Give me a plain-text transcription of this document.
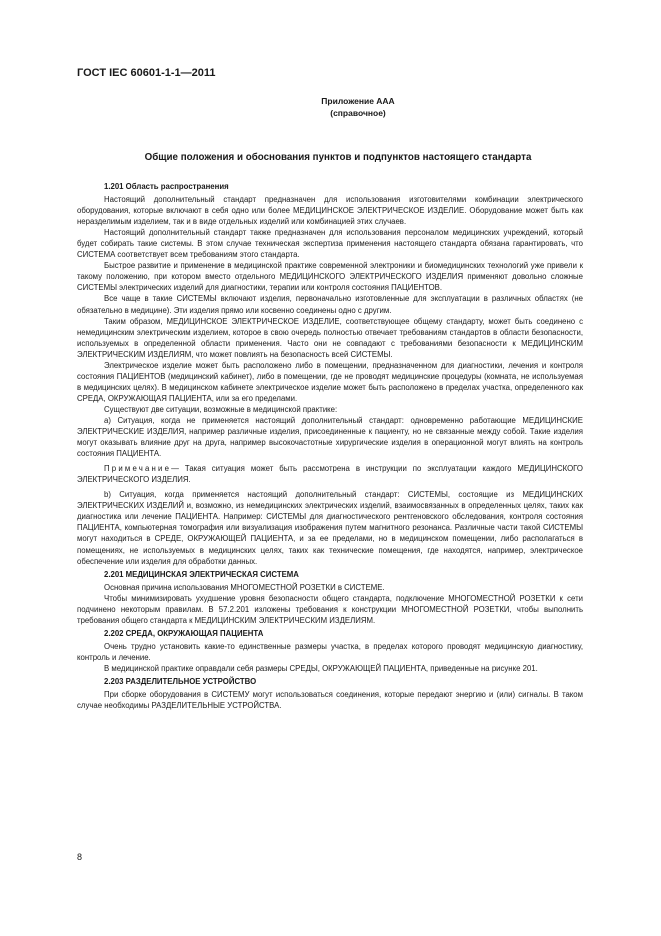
ГОСТ IEC 60601-1-1—2011
Приложение ААА
(справочное)
Общие положения и обоснования пунктов и подпунктов настоящего стандарта
1.201 Область распространения

Настоящий дополнительный стандарт предназначен для использования изготовителями комбинации электрического оборудования, которые включают в себя одно или более МЕДИЦИНСКОЕ ЭЛЕКТРИЧЕСКОЕ ИЗДЕЛИЕ. Оборудование может быть как неразделимым изделием, так и в виде отдельных изделий или комбинацией этих случаев.

Настоящий дополнительный стандарт также предназначен для использования персоналом медицинских учреждений, который будет собирать такие системы. В этом случае техническая экспертиза применения настоящего стандарта обязана гарантировать, что СИСТЕМА соответствует всем требованиям этого стандарта.

Быстрое развитие и применение в медицинской практике современной электроники и биомедицинских технологий уже привели к такому положению, при котором вместо отдельного МЕДИЦИНСКОГО ЭЛЕКТРИЧЕСКОГО ИЗДЕЛИЯ применяют довольно сложные СИСТЕМЫ электрических изделий для диагностики, терапии или контроля состояния ПАЦИЕНТОВ.

Все чаще в такие СИСТЕМЫ включают изделия, первоначально изготовленные для эксплуатации в различных областях (не обязательно в медицине). Эти изделия прямо или косвенно соединены одно с другим.

Таким образом, МЕДИЦИНСКОЕ ЭЛЕКТРИЧЕСКОЕ ИЗДЕЛИЕ, соответствующее общему стандарту, может быть соединено с немедицинским электрическим изделием, которое в свою очередь полностью отвечает требованиям стандартов в области безопасности, используемых в определенной области применения. Часто они не совпадают с требованиями безопасности к МЕДИЦИНСКИМ ЭЛЕКТРИЧЕСКИМ ИЗДЕЛИЯМ, что может повлиять на безопасность всей СИСТЕМЫ.

Электрическое изделие может быть расположено либо в помещении, предназначенном для диагностики, лечения и контроля состояния ПАЦИЕНТОВ (медицинский кабинет), либо в помещении, где не проводят медицинские процедуры (комната, не используемая в медицинских целях). В медицинском кабинете электрическое изделие может быть расположено в пределах участка, определенного как СРЕДА, ОКРУЖАЮЩАЯ ПАЦИЕНТА, или за его пределами.

Существуют две ситуации, возможные в медицинской практике:

а) Ситуация, когда не применяется настоящий дополнительный стандарт: одновременно работающие МЕДИЦИНСКИЕ ЭЛЕКТРИЧЕСКИЕ ИЗДЕЛИЯ, например различные изделия, присоединенные к пациенту, но не связанные между собой. Такие изделия могут оказывать влияние друг на друга, например высокочастотные хирургические изделия в операционной могут влиять на контроль состояния ПАЦИЕНТА.

Примечание— Такая ситуация может быть рассмотрена в инструкции по эксплуатации каждого МЕДИЦИНСКОГО ЭЛЕКТРИЧЕСКОГО ИЗДЕЛИЯ.

b) Ситуация, когда применяется настоящий дополнительный стандарт: СИСТЕМЫ, состоящие из МЕДИЦИНСКИХ ЭЛЕКТРИЧЕСКИХ ИЗДЕЛИЙ и, возможно, из немедицинских электрических изделий, взаимосвязанных в определенных целях, таких как диагностика или лечение ПАЦИЕНТА. Например: СИСТЕМЫ для диагностического рентгеновского обследования, контроля состояния ПАЦИЕНТА, компьютерная томография или визуализация изображения путем магнитного резонанса. Различные части такой СИСТЕМЫ могут находиться в СРЕДЕ, ОКРУЖАЮЩЕЙ ПАЦИЕНТА, и за ее пределами, но в медицинском помещении, либо располагаться в помещениях, не используемых в медицинских целях, таких как технические помещения, где находятся, например, электрическое обеспечение или изделия для обработки данных.

2.201 МЕДИЦИНСКАЯ ЭЛЕКТРИЧЕСКАЯ СИСТЕМА

Основная причина использования МНОГОМЕСТНОЙ РОЗЕТКИ в СИСТЕМЕ.

Чтобы минимизировать ухудшение уровня безопасности общего стандарта, подключение МНОГОМЕСТНОЙ РОЗЕТКИ к сети подчинено некоторым правилам. В 57.2.201 изложены требования к конструкции МНОГОМЕСТНОЙ РОЗЕТКИ, чтобы выполнить требования общего стандарта к МЕДИЦИНСКИМ ЭЛЕКТРИЧЕСКИМ ИЗДЕЛИЯМ.

2.202 СРЕДА, ОКРУЖАЮЩАЯ ПАЦИЕНТА

Очень трудно установить какие-то единственные размеры участка, в пределах которого проводят медицинскую диагностику, контроль и лечение.

В медицинской практике оправдали себя размеры СРЕДЫ, ОКРУЖАЮЩЕЙ ПАЦИЕНТА, приведенные на рисунке 201.

2.203 РАЗДЕЛИТЕЛЬНОЕ УСТРОЙСТВО

При сборке оборудования в СИСТЕМУ могут использоваться соединения, которые передают энергию и (или) сигналы. В таком случае необходимы РАЗДЕЛИТЕЛЬНЫЕ УСТРОЙСТВА.

8
